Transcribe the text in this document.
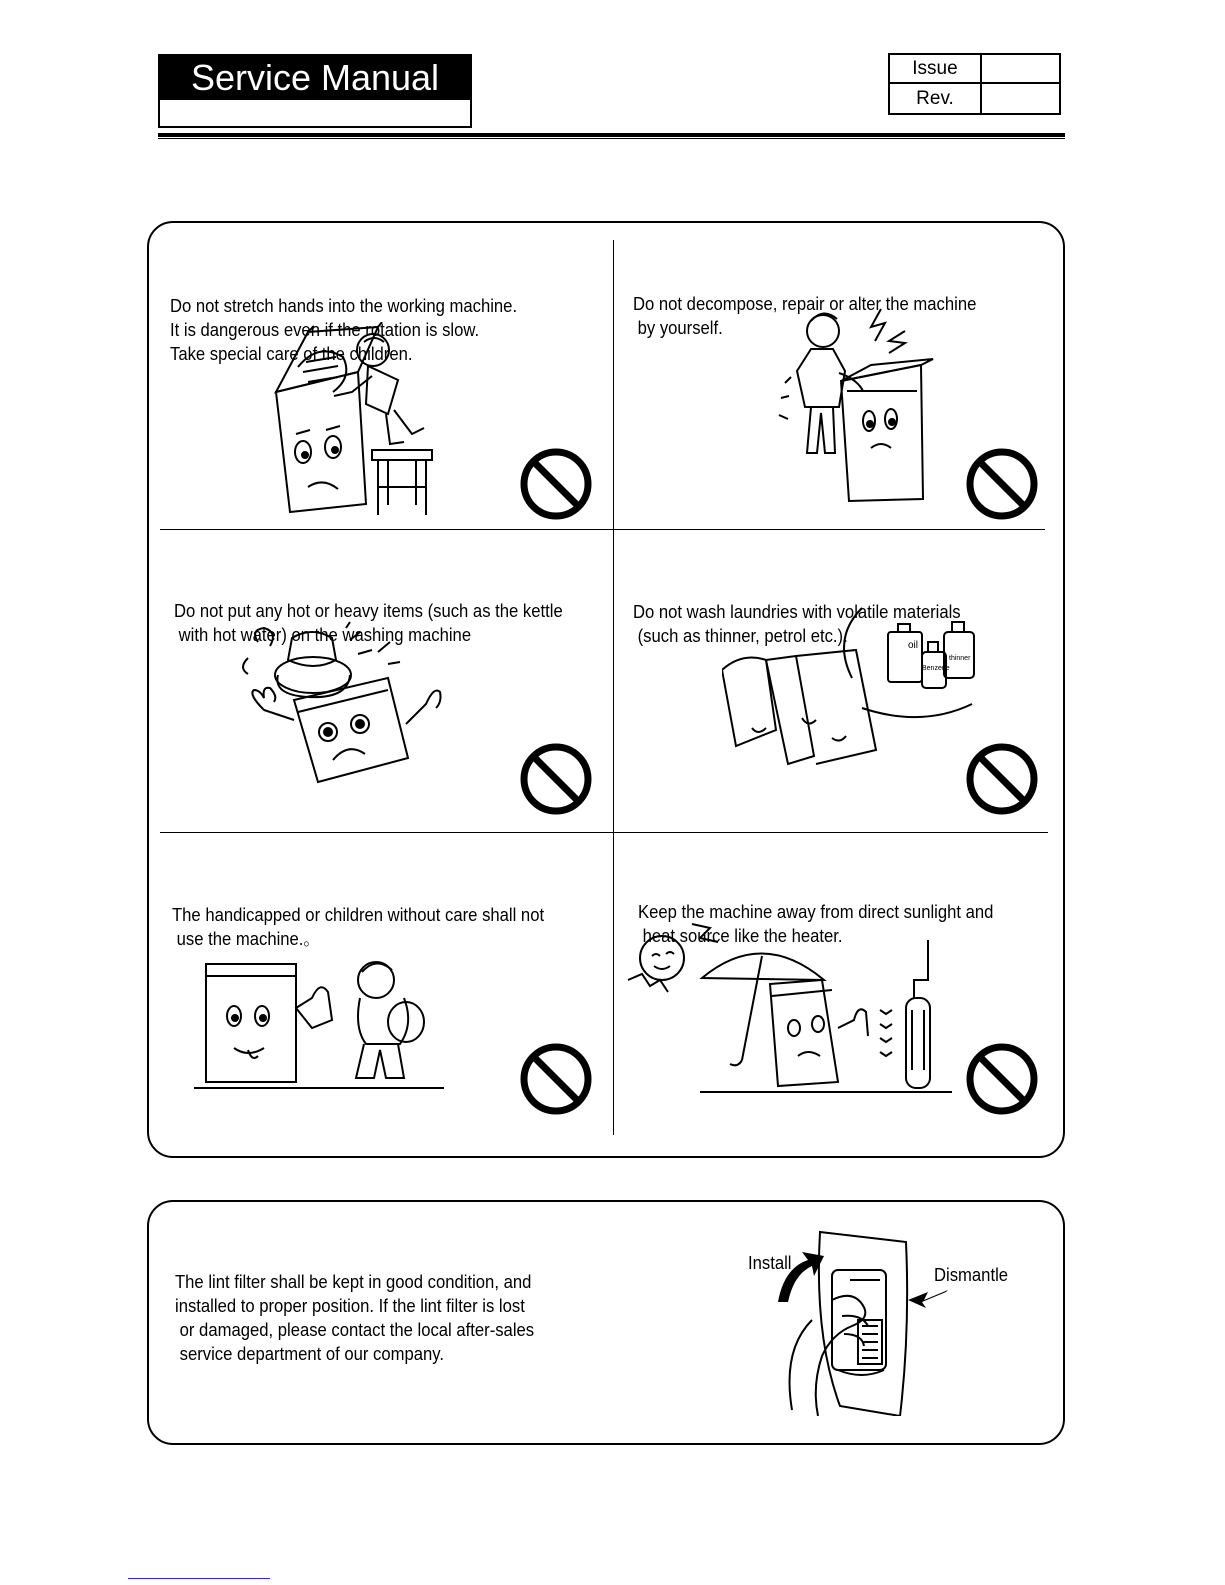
Service Manual	Issue
Rev.

Do not stretch hands into the working machine.
It is dangerous even if the rotation is slow.
Take special care of the children.

Do not decompose, repair or alter the machine
by yourself.

Do not put any hot or heavy items (such as the kettle
with hot water) on the washing machine

Do not wash laundries with volatile materials
(such as thinner, petrol etc.).

The handicapped or children without care shall not
use the machine.。

Keep the machine away from direct sunlight and
heat source like the heater.

oil
thinner
Benzene

The lint filter shall be kept in good condition, and
installed to proper position. If the lint filter is lost
or damaged, please contact the local after-sales
service department of our company.

Install
Dismantle
